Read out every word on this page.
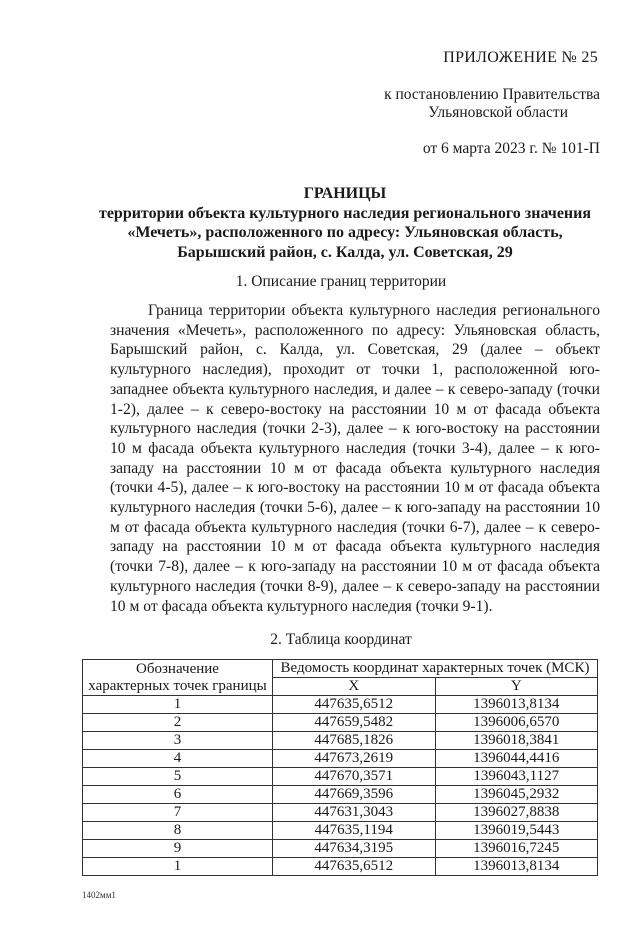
ПРИЛОЖЕНИЕ № 25
к постановлению Правительства
Ульяновской области
от 6 марта 2023 г. № 101-П
ГРАНИЦЫ
территории объекта культурного наследия регионального значения
«Мечеть», расположенного по адресу: Ульяновская область,
Барышский район, с. Калда, ул. Советская, 29
1. Описание границ территории

Граница территории объекта культурного наследия регионального значения «Мечеть», расположенного по адресу: Ульяновская область, Барышский район, с. Калда, ул. Советская, 29 (далее – объект культурного наследия), проходит от точки 1, расположенной юго-западнее объекта культурного наследия, и далее – к северо-западу (точки 1-2), далее – к северо-востоку на расстоянии 10 м от фасада объекта культурного наследия (точки 2-3), далее – к юго-востоку на расстоянии 10 м фасада объекта культурного наследия (точки 3-4), далее – к юго-западу на расстоянии 10 м от фасада объекта культурного наследия (точки 4-5), далее – к юго-востоку на расстоянии 10 м от фасада объекта культурного наследия (точки 5-6), далее – к юго-западу на расстоянии 10 м от фасада объекта культурного наследия (точки 6-7), далее – к северо-западу на расстоянии 10 м от фасада объекта культурного наследия (точки 7-8), далее – к юго-западу на расстоянии 10 м от фасада объекта культурного наследия (точки 8-9), далее – к северо-западу на расстоянии 10 м от фасада объекта культурного наследия (точки 9-1).

2. Таблица координат
Обозначение	Ведомость координат характерных точек (МСК)	
характерных точек границы	X	Y
1	447635,6512	1396013,8134
2	447659,5482	1396006,6570
3	447685,1826	1396018,3841
4	447673,2619	1396044,4416
5	447670,3571	1396043,1127
6	447669,3596	1396045,2932
7	447631,3043	1396027,8838
8	447635,1194	1396019,5443
9	447634,3195	1396016,7245
1	447635,6512	1396013,8134
1402мм1
